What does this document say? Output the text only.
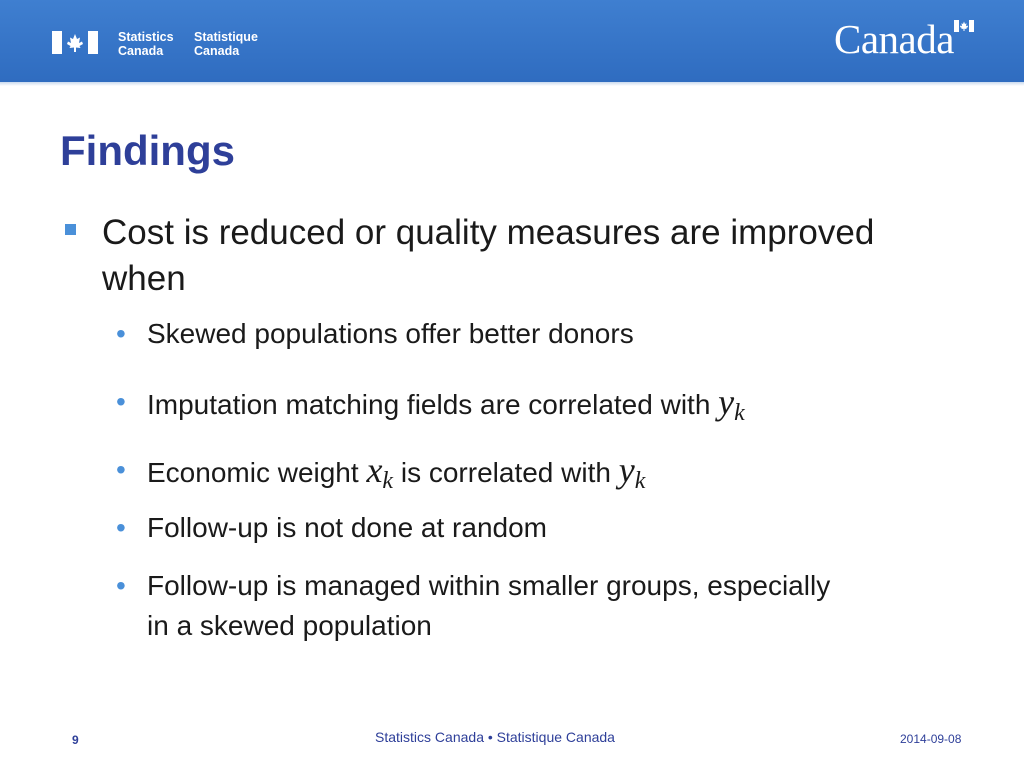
Statistics
Canada
Statistique
Canada	Canada
Findings
Cost is reduced or quality measures are improved when
• Skewed populations offer better donors
• Imputation matching fields are correlated with $y_k$
• Economic weight $x_k$ is correlated with $y_k$
• Follow-up is not done at random
• Follow-up is managed within smaller groups, especially in a skewed population
9	Statistics Canada • Statistique Canada	2014-09-08
